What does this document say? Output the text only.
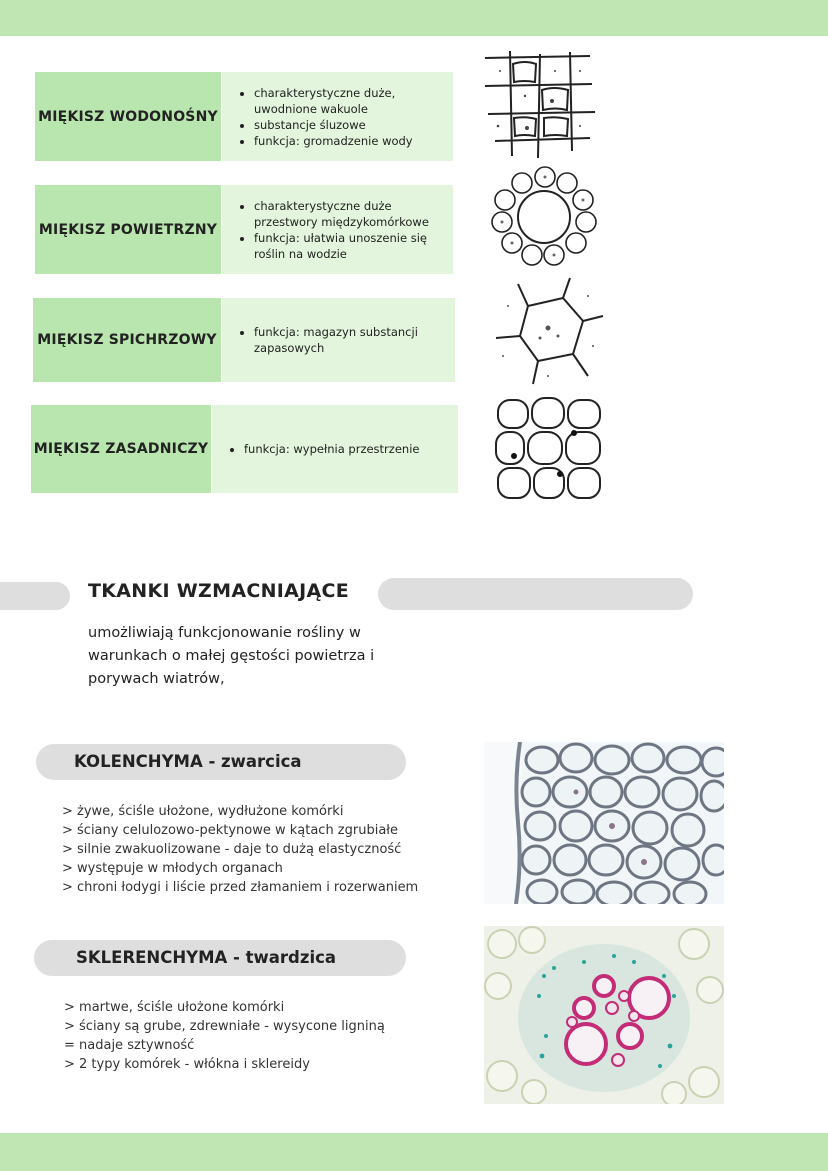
MIĘKISZ WODONOŚNY
• charakterystyczne duże, uwodnione wakuole
• substancje śluzowe
• funkcja: gromadzenie wody
MIĘKISZ POWIETRZNY
• charakterystyczne duże przestwory międzykomórkowe
• funkcja: ułatwia unoszenie się roślin na wodzie
MIĘKISZ SPICHRZOWY	• funkcja: magazyn substancji zapasowych
MIĘKISZ ZASADNICZY	• funkcja: wypełnia przestrzenie
TKANKI WZMACNIAJĄCE
umożliwiają funkcjonowanie rośliny w
warunkach o małej gęstości powietrza i
porywach wiatrów,
KOLENCHYMA - zwarcica
> żywe, ściśle ułożone, wydłużone komórki
> ściany celulozowo-pektynowe w kątach zgrubiałe
> silnie zwakuolizowane - daje to dużą elastyczność
> występuje w młodych organach
> chroni łodygi i liście przed złamaniem i rozerwaniem
SKLERENCHYMA - twardzica
> martwe, ściśle ułożone komórki
> ściany są grube, zdrewniałe - wysycone ligniną
= nadaje sztywność
> 2 typy komórek - włókna i sklereidy
